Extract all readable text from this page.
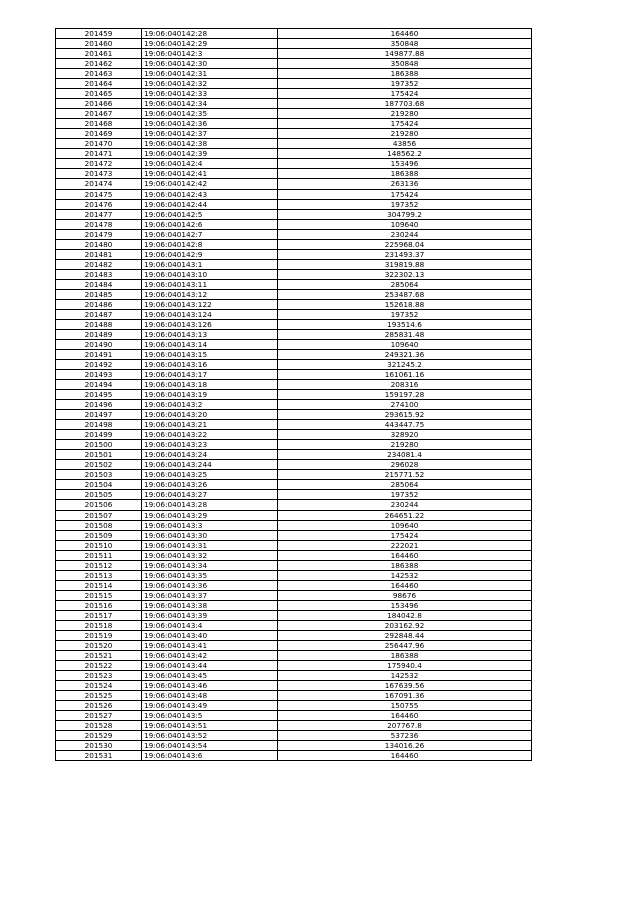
201459	19:06:040142:28	164460
201460	19:06:040142:29	350848
201461	19:06:040142:3	149877.88
201462	19:06:040142:30	350848
201463	19:06:040142:31	186388
201464	19:06:040142:32	197352
201465	19:06:040142:33	175424
201466	19:06:040142:34	187703.68
201467	19:06:040142:35	219280
201468	19:06:040142:36	175424
201469	19:06:040142:37	219280
201470	19:06:040142:38	43856
201471	19:06:040142:39	148562.2
201472	19:06:040142:4	153496
201473	19:06:040142:41	186388
201474	19:06:040142:42	263136
201475	19:06:040142:43	175424
201476	19:06:040142:44	197352
201477	19:06:040142:5	304799.2
201478	19:06:040142:6	109640
201479	19:06:040142:7	230244
201480	19:06:040142:8	225968.04
201481	19:06:040142:9	231493.37
201482	19:06:040143:1	319819.88
201483	19:06:040143:10	322302.13
201484	19:06:040143:11	285064
201485	19:06:040143:12	253487.68
201486	19:06:040143:122	152618.88
201487	19:06:040143:124	197352
201488	19:06:040143:126	193514.6
201489	19:06:040143:13	285831.48
201490	19:06:040143:14	109640
201491	19:06:040143:15	249321.36
201492	19:06:040143:16	321245.2
201493	19:06:040143:17	161061.16
201494	19:06:040143:18	208316
201495	19:06:040143:19	159197.28
201496	19:06:040143:2	274100
201497	19:06:040143:20	293615.92
201498	19:06:040143:21	443447.75
201499	19:06:040143:22	328920
201500	19:06:040143:23	219280
201501	19:06:040143:24	234081.4
201502	19:06:040143:244	296028
201503	19:06:040143:25	215771.52
201504	19:06:040143:26	285064
201505	19:06:040143:27	197352
201506	19:06:040143:28	230244
201507	19:06:040143:29	264651.22
201508	19:06:040143:3	109640
201509	19:06:040143:30	175424
201510	19:06:040143:31	222021
201511	19:06:040143:32	164460
201512	19:06:040143:34	186388
201513	19:06:040143:35	142532
201514	19:06:040143:36	164460
201515	19:06:040143:37	98676
201516	19:06:040143:38	153496
201517	19:06:040143:39	184042.8
201518	19:06:040143:4	203162.92
201519	19:06:040143:40	292848.44
201520	19:06:040143:41	256447.96
201521	19:06:040143:42	186388
201522	19:06:040143:44	175940.4
201523	19:06:040143:45	142532
201524	19:06:040143:46	167639.56
201525	19:06:040143:48	167091.36
201526	19:06:040143:49	150755
201527	19:06:040143:5	164460
201528	19:06:040143:51	207767.8
201529	19:06:040143:52	537236
201530	19:06:040143:54	134016.26
201531	19:06:040143:6	164460
